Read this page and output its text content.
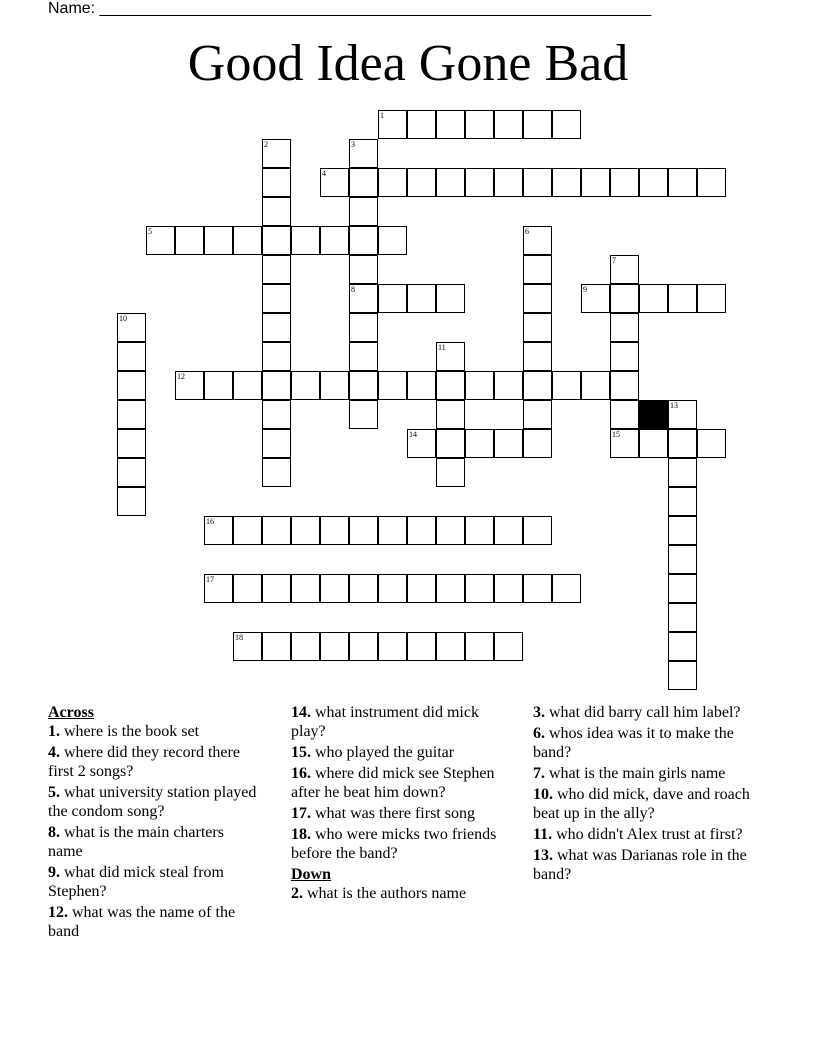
Name: ______________________________________________________________
Good Idea Gone Bad
1
2	3
8
4
5	6
7
9
10
11
12
13
14	15
16
17
18
Across
1. where is the book set
4. where did they record there first 2 songs?
5. what university station played the condom song?
8. what is the main charters name
9. what did mick steal from Stephen?
12. what was the name of the band
14. what instrument did mick play?
15. who played the guitar
16. where did mick see Stephen after he beat him down?
17. what was there first song
18. who were micks two friends before the band?
Down
2. what is the authors name
3. what did barry call him label?
6. whos idea was it to make the band?
7. what is the main girls name
10. who did mick, dave and roach beat up in the ally?
11. who didn't Alex trust at first?
13. what was Darianas role in the band?
